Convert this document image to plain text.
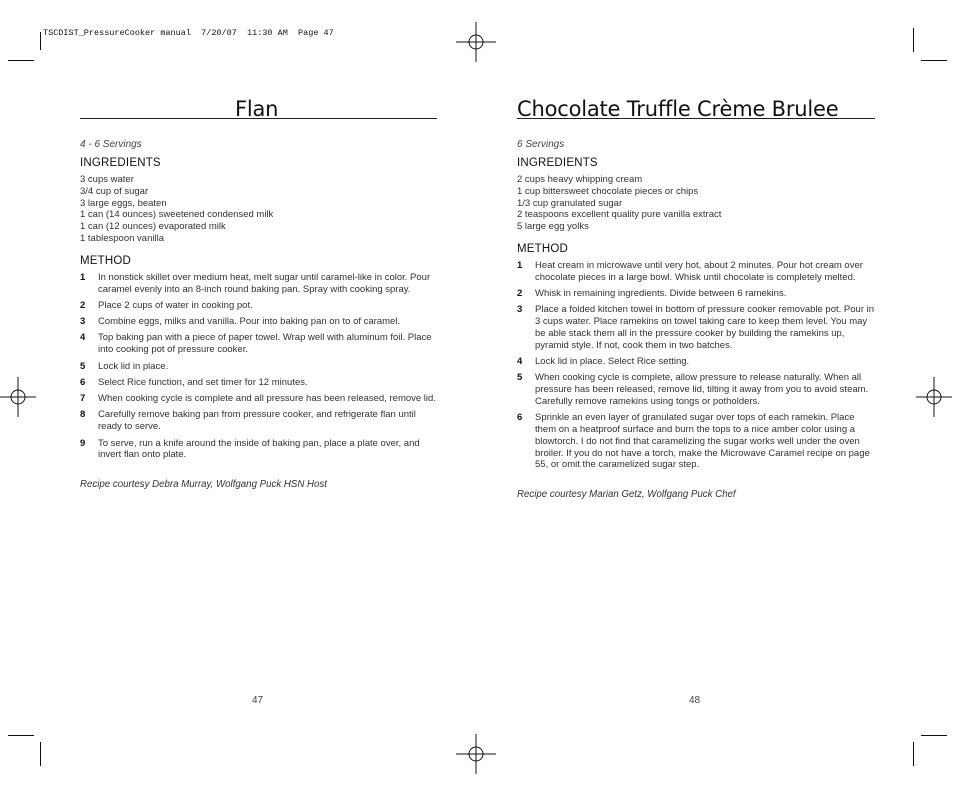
TSCDIST_PressureCooker manual  7/20/07  11:30 AM  Page 47
Flan
4 - 6 Servings
INGREDIENTS
3 cups water
3/4 cup of sugar
3 large eggs, beaten
1 can (14 ounces) sweetened condensed milk
1 can (12 ounces) evaporated milk
1 tablespoon vanilla
METHOD
1	In nonstick skillet over medium heat, melt sugar until caramel-like in color. Pour caramel evenly into an 8-inch round baking pan. Spray with cooking spray.
2	Place 2 cups of water in cooking pot.
3	Combine eggs, milks and vanilla. Pour into baking pan on to of caramel.
4	Top baking pan with a piece of paper towel. Wrap well with aluminum foil. Place into cooking pot of pressure cooker.
5	Lock lid in place.
6	Select Rice function, and set timer for 12 minutes.
7	When cooking cycle is complete and all pressure has been released, remove lid.
8	Carefully remove baking pan from pressure cooker, and refrigerate flan until ready to serve.
9	To serve, run a knife around the inside of baking pan, place a plate over, and invert flan onto plate.
Recipe courtesy Debra Murray, Wolfgang Puck HSN Host
Chocolate Truffle Crème Brulee
6 Servings
INGREDIENTS
2 cups heavy whipping cream
1 cup bittersweet chocolate pieces or chips
1/3 cup granulated sugar
2 teaspoons excellent quality pure vanilla extract
5 large egg yolks
METHOD
1	Heat cream in microwave until very hot, about 2 minutes. Pour hot cream over chocolate pieces in a large bowl. Whisk until chocolate is completely melted.
2	Whisk in remaining ingredients. Divide between 6 ramekins.
3	Place a folded kitchen towel in bottom of pressure cooker removable pot. Pour in 3 cups water. Place ramekins on towel taking care to keep them level. You may be able stack them all in the pressure cooker by building the ramekins up, pyramid style. If not, cook them in two batches.
4	Lock lid in place. Select Rice setting.
5	When cooking cycle is complete, allow pressure to release naturally. When all pressure has been released, remove lid, tilting it away from you to avoid steam. Carefully remove ramekins using tongs or potholders.
6	Sprinkle an even layer of granulated sugar over tops of each ramekin. Place them on a heatproof surface and burn the tops to a nice amber color using a blowtorch. I do not find that caramelizing the sugar works well under the oven broiler. If you do not have a torch, make the Microwave Caramel recipe on page 55, or omit the caramelized sugar step.
Recipe courtesy Marian Getz, Wolfgang Puck Chef
47	48
